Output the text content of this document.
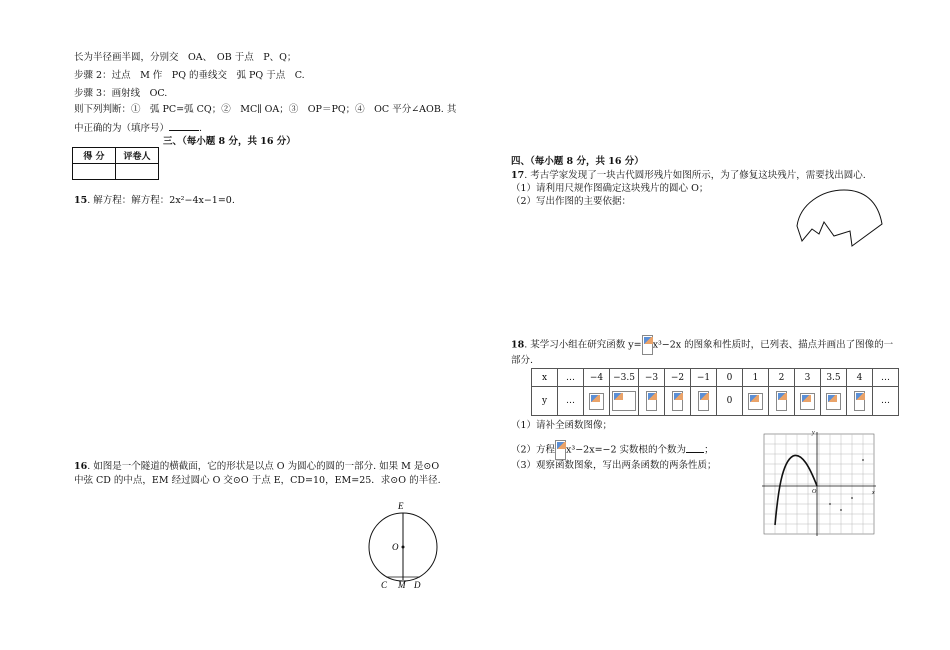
长为半径画半圆，分别交　OA、　OB 于点　P、Q；
步骤 2：过点　M 作　PQ 的垂线交　弧 PQ 于点　C.
步骤 3：画射线　OC.
则下列判断：①　弧 PC=弧 CQ；②　MC∥ OA；③　OP＝PQ；④　OC 平分∠AOB. 其
中正确的为（填序号）	.
三、（每小题 8 分，共 16 分）
得 分	评卷人

15. 解方程：解方程：2x²−4x−1=0.
16. 如图是一个隧道的横截面，它的形状是以点 O 为圆心的圆的一部分. 如果 M 是⊙O
中弦 CD 的中点，EM 经过圆心 O 交⊙O 于点 E，CD=10，EM=25．求⊙O 的半径.
E
O
C M D
四、（每小题 8 分，共 16 分）
17. 考古学家发现了一块古代圆形残片如图所示，为了修复这块残片，需要找出圆心.
（1）请利用尺规作图确定这块残片的圆心 O；
（2）写出作图的主要依据：
18. 某学习小组在研究函数 y= x³−2x 的图象和性质时，已列表、描点并画出了图像的一
部分.
x	…	−4	−3.5	−3	−2	−1	0	1	2	3	3.5	4	…
y	…						0						…
（1）请补全函数图像；
（2）方程 x³−2x=−2 实数根的个数为 ；
（3）观察函数图象，写出两条函数的两条性质；
x
y
O
